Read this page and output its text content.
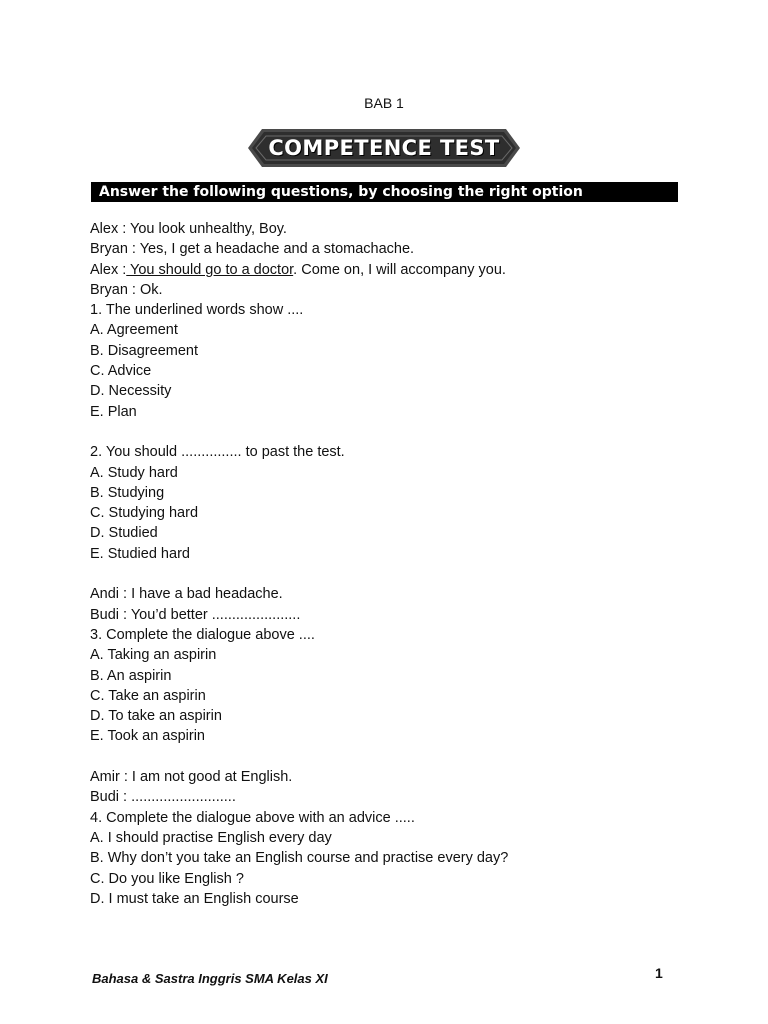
BAB 1
COMPETENCE TEST
Answer the following questions, by choosing the right option
Alex : You look unhealthy, Boy.
Bryan : Yes, I get a headache and a stomachache.
Alex : You should go to a doctor. Come on, I will accompany you.
Bryan : Ok.
1. The underlined words show ....
A. Agreement
B. Disagreement
C. Advice
D. Necessity
E. Plan
2. You should ............... to past the test.
A. Study hard
B. Studying
C. Studying hard
D. Studied
E. Studied hard
Andi : I have a bad headache.
Budi : You’d better ......................
3. Complete the dialogue above ....
A. Taking an aspirin
B. An aspirin
C. Take an aspirin
D. To take an aspirin
E. Took an aspirin
Amir : I am not good at English.
Budi : ..........................
4. Complete the dialogue above with an advice .....
A. I should practise English every day
B. Why don’t you take an English course and practise every day?
C. Do you like English ?
D. I must take an English course
Bahasa & Sastra Inggris SMA Kelas XI	1
